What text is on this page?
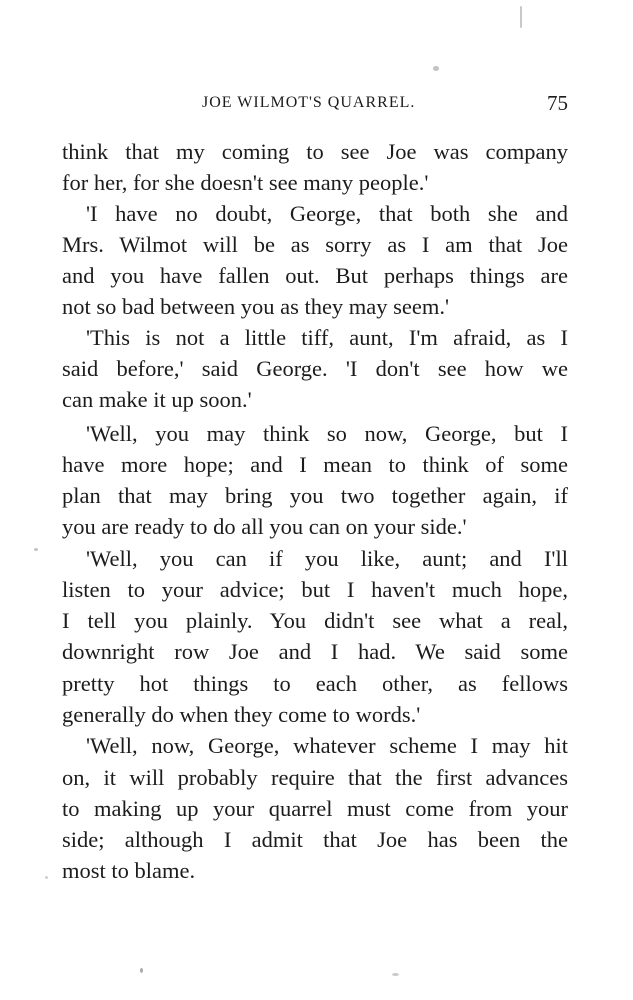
JOE WILMOT'S QUARREL.	75
think that my coming to see Joe was company
for her, for she doesn't see many people.'
'I have no doubt, George, that both she and
Mrs. Wilmot will be as sorry as I am that Joe
and you have fallen out. But perhaps things are
not so bad between you as they may seem.'
'This is not a little tiff, aunt, I'm afraid, as I
said before,' said George. 'I don't see how we
can make it up soon.'
'Well, you may think so now, George, but I
have more hope; and I mean to think of some
plan that may bring you two together again, if
you are ready to do all you can on your side.'
'Well, you can if you like, aunt; and I'll
listen to your advice; but I haven't much hope,
I tell you plainly. You didn't see what a real,
downright row Joe and I had. We said some
pretty hot things to each other, as fellows
generally do when they come to words.'
'Well, now, George, whatever scheme I may hit
on, it will probably require that the first advances
to making up your quarrel must come from your
side; although I admit that Joe has been the
most to blame.
